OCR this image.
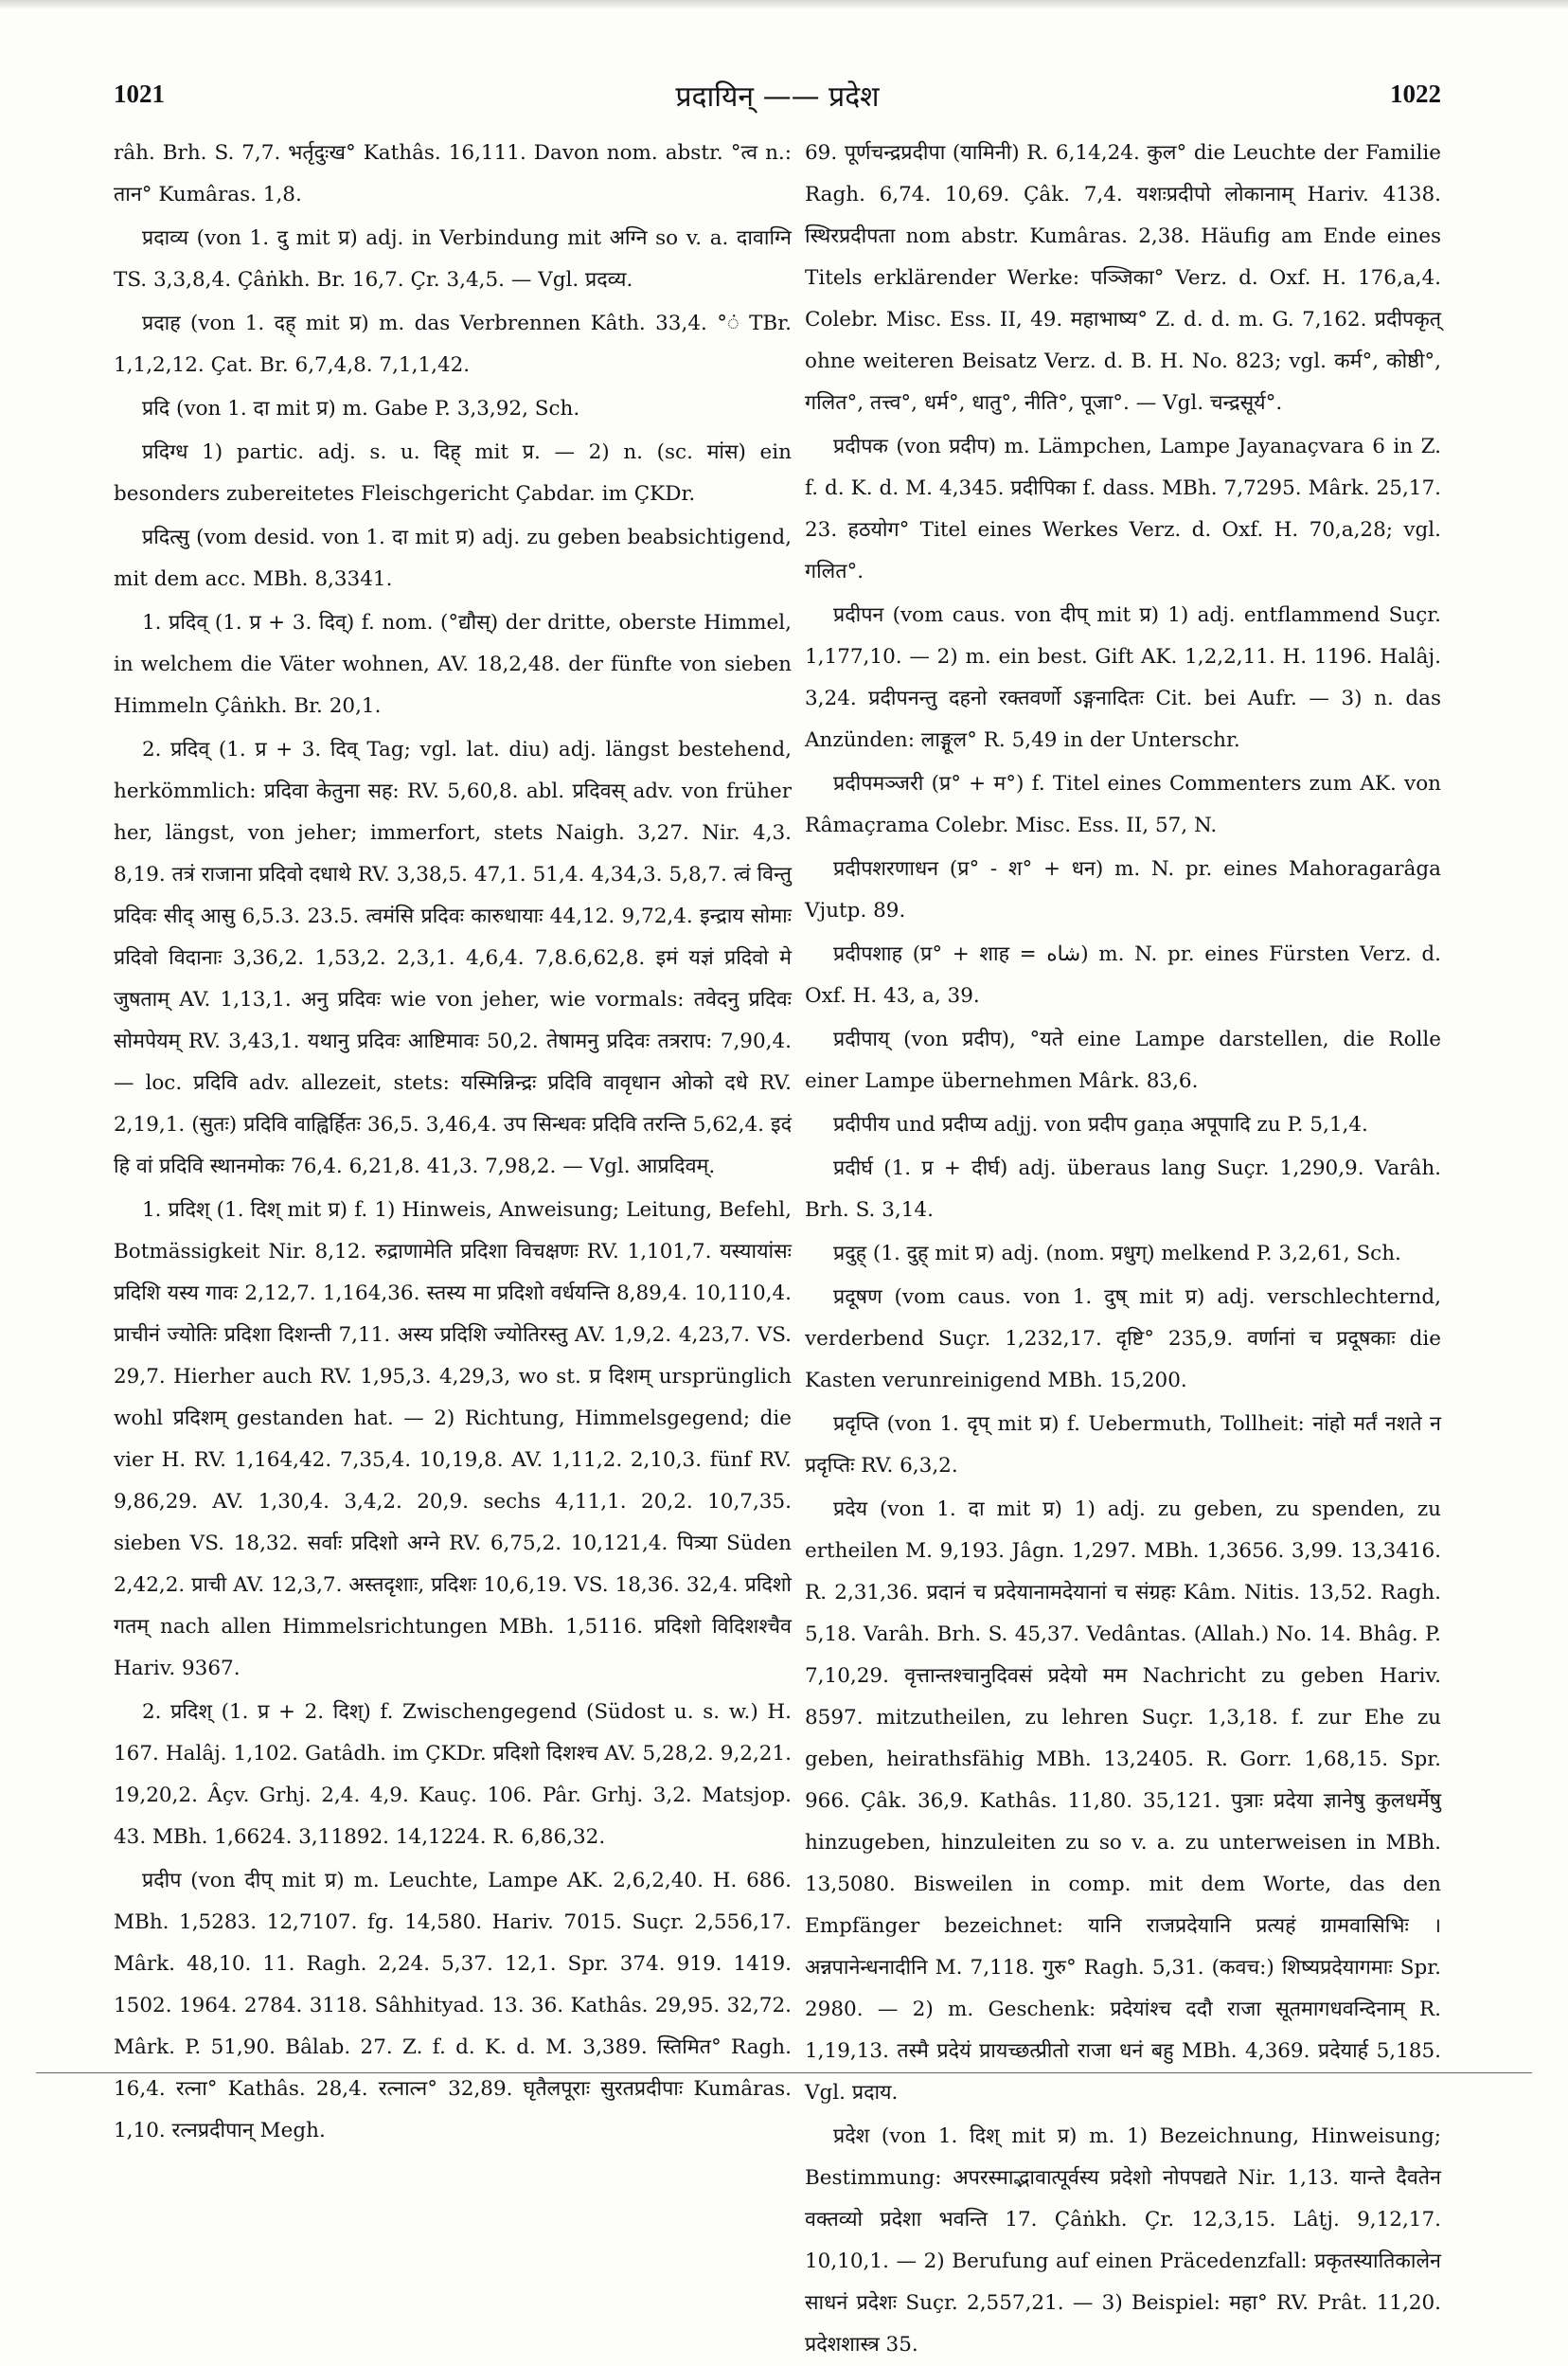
1021	प्रदायिन् —— प्रदेश	1022

râh. Brh. S. 7,7. भर्तृदुःख° Kathâs. 16,111. Davon nom. abstr. °त्व n.: तान° Kumâras. 1,8.

प्रदाव्य (von 1. दु mit प्र) adj. in Verbindung mit अग्नि so v. a. दावाग्नि TS. 3,3,8,4. Çâṅkh. Br. 16,7. Çr. 3,4,5. — Vgl. प्रदव्य.

प्रदाह (von 1. दह् mit प्र) m. das Verbrennen Kâth. 33,4. °ं TBr. 1,1,2,12. Çat. Br. 6,7,4,8. 7,1,1,42.

प्रदि (von 1. दा mit प्र) m. Gabe P. 3,3,92, Sch.

प्रदिग्ध 1) partic. adj. s. u. दिह् mit प्र. — 2) n. (sc. मांस) ein besonders zubereitetes Fleischgericht Çabdar. im ÇKDr.

प्रदित्सु (vom desid. von 1. दा mit प्र) adj. zu geben beabsichtigend, mit dem acc. MBh. 8,3341.

1. प्रदिव् (1. प्र + 3. दिव्) f. nom. (°द्यौस्) der dritte, oberste Himmel, in welchem die Väter wohnen, AV. 18,2,48. der fünfte von sieben Himmeln Çâṅkh. Br. 20,1.

2. प्रदिव् (1. प्र + 3. दिव् Tag; vgl. lat. diu) adj. längst bestehend, herkömmlich: प्रदिवा केतुना सह: RV. 5,60,8. abl. प्रदिवस् adv. von früher her, längst, von jeher; immerfort, stets Naigh. 3,27. Nir. 4,3. 8,19. तत्रं राजाना प्रदिवो दधाथे RV. 3,38,5. 47,1. 51,4. 4,34,3. 5,8,7. त्वं विन्तु प्रदिवः सीद् आसु 6,5.3. 23.5. त्वमंसि प्रदिवः कारुधायाः 44,12. 9,72,4. इन्द्राय सोमाः प्रदिवो विदानाः 3,36,2. 1,53,2. 2,3,1. 4,6,4. 7,8.6,62,8. इमं यज्ञं प्रदिवो मे जुषताम् AV. 1,13,1. अनु प्रदिवः wie von jeher, wie vormals: तवेदनु प्रदिवः सोमपेयम् RV. 3,43,1. यथानु प्रदिवः आष्टिमावः 50,2. तेषामनु प्रदिवः तत्रराप: 7,90,4. — loc. प्रदिवि adv. allezeit, stets: यस्मिन्निन्द्रः प्रदिवि वावृधान ओको दधे RV. 2,19,1. (सुतः) प्रदिवि वाह्विर्हितः 36,5. 3,46,4. उप सिन्धवः प्रदिवि तरन्ति 5,62,4. इदं हि वां प्रदिवि स्थानमोकः 76,4. 6,21,8. 41,3. 7,98,2. — Vgl. आप्रदिवम्.

1. प्रदिश् (1. दिश् mit प्र) f. 1) Hinweis, Anweisung; Leitung, Befehl, Botmässigkeit Nir. 8,12. रुद्राणामेति प्रदिशा विचक्षणः RV. 1,101,7. यस्यायांसः प्रदिशि यस्य गावः 2,12,7. 1,164,36. स्तस्य मा प्रदिशो वर्धयन्ति 8,89,4. 10,110,4. प्राचीनं ज्योतिः प्रदिशा दिशन्ती 7,11. अस्य प्रदिशि ज्योतिरस्तु AV. 1,9,2. 4,23,7. VS. 29,7. Hierher auch RV. 1,95,3. 4,29,3, wo st. प्र दिशम् ursprünglich wohl प्रदिशम् gestanden hat. — 2) Richtung, Himmelsgegend; die vier H. RV. 1,164,42. 7,35,4. 10,19,8. AV. 1,11,2. 2,10,3. fünf RV. 9,86,29. AV. 1,30,4. 3,4,2. 20,9. sechs 4,11,1. 20,2. 10,7,35. sieben VS. 18,32. सर्वाः प्रदिशो अग्ने RV. 6,75,2. 10,121,4. पित्र्या Süden 2,42,2. प्राची AV. 12,3,7. अस्तदृशाः, प्रदिशः 10,6,19. VS. 18,36. 32,4. प्रदिशो गतम् nach allen Himmelsrichtungen MBh. 1,5116. प्रदिशो विदिशश्चैव Hariv. 9367.

2. प्रदिश् (1. प्र + 2. दिश्) f. Zwischengegend (Südost u. s. w.) H. 167. Halâj. 1,102. Gatâdh. im ÇKDr. प्रदिशो दिशश्च AV. 5,28,2. 9,2,21. 19,20,2. Âçv. Grhj. 2,4. 4,9. Kauç. 106. Pâr. Grhj. 3,2. Matsjop. 43. MBh. 1,6624. 3,11892. 14,1224. R. 6,86,32.

प्रदीप (von दीप् mit प्र) m. Leuchte, Lampe AK. 2,6,2,40. H. 686. MBh. 1,5283. 12,7107. fg. 14,580. Hariv. 7015. Suçr. 2,556,17. Mârk. 48,10. 11. Ragh. 2,24. 5,37. 12,1. Spr. 374. 919. 1419. 1502. 1964. 2784. 3118. Sâhhityad. 13. 36. Kathâs. 29,95. 32,72. Mârk. P. 51,90. Bâlab. 27. Z. f. d. K. d. M. 3,389. स्तिमित° Ragh. 16,4. रत्ना° Kathâs. 28,4. रत्नात्न° 32,89. घृतैलपूराः सुरतप्रदीपाः Kumâras. 1,10. रत्नप्रदीपान् Megh.

69. पूर्णचन्द्रप्रदीपा (यामिनी) R. 6,14,24. कुल° die Leuchte der Familie Ragh. 6,74. 10,69. Çâk. 7,4. यशःप्रदीपो लोकानाम् Hariv. 4138. स्थिरप्रदीपता nom abstr. Kumâras. 2,38. Häufig am Ende eines Titels erklärender Werke: पञ्जिका° Verz. d. Oxf. H. 176,a,4. Colebr. Misc. Ess. II, 49. महाभाष्य° Z. d. d. m. G. 7,162. प्रदीपकृत् ohne weiteren Beisatz Verz. d. B. H. No. 823; vgl. कर्म°, कोष्ठी°, गलित°, तत्त्व°, धर्म°, धातु°, नीति°, पूजा°. — Vgl. चन्द्रसूर्य°.

प्रदीपक (von प्रदीप) m. Lämpchen, Lampe Jayanaçvara 6 in Z. f. d. K. d. M. 4,345. प्रदीपिका f. dass. MBh. 7,7295. Mârk. 25,17. 23. हठयोग° Titel eines Werkes Verz. d. Oxf. H. 70,a,28; vgl. गलित°.

प्रदीपन (vom caus. von दीप् mit प्र) 1) adj. entflammend Suçr. 1,177,10. — 2) m. ein best. Gift AK. 1,2,2,11. H. 1196. Halâj. 3,24. प्रदीपनन्तु दहनो रक्तवर्णो ऽङ्गनादितः Cit. bei Aufr. — 3) n. das Anzünden: लाङ्गूल° R. 5,49 in der Unterschr.

प्रदीपमञ्जरी (प्र° + म°) f. Titel eines Commenters zum AK. von Râmaçrama Colebr. Misc. Ess. II, 57, N.

प्रदीपशरणाधन (प्र° - श° + धन) m. N. pr. eines Mahoragarâga Vjutp. 89.

प्रदीपशाह (प्र° + शाह = شاه) m. N. pr. eines Fürsten Verz. d. Oxf. H. 43, a, 39.

प्रदीपाय् (von प्रदीप), °यते eine Lampe darstellen, die Rolle einer Lampe übernehmen Mârk. 83,6.

प्रदीपीय und प्रदीप्य adjj. von प्रदीप gaṇa अपूपादि zu P. 5,1,4.

प्रदीर्घ (1. प्र + दीर्घ) adj. überaus lang Suçr. 1,290,9. Varâh. Brh. S. 3,14.

प्रदुह् (1. दुह् mit प्र) adj. (nom. प्रधुग्) melkend P. 3,2,61, Sch.

प्रदूषण (vom caus. von 1. दुष् mit प्र) adj. verschlechternd, verderbend Suçr. 1,232,17. दृष्टि° 235,9. वर्णानां च प्रदूषकाः die Kasten verunreinigend MBh. 15,200.

प्रदृप्ति (von 1. दृप् mit प्र) f. Uebermuth, Tollheit: नांहो मर्तं नशते न प्रदृप्तिः RV. 6,3,2.

प्रदेय (von 1. दा mit प्र) 1) adj. zu geben, zu spenden, zu ertheilen M. 9,193. Jâgn. 1,297. MBh. 1,3656. 3,99. 13,3416. R. 2,31,36. प्रदानं च प्रदेयानामदेयानां च संग्रहः Kâm. Nitis. 13,52. Ragh. 5,18. Varâh. Brh. S. 45,37. Vedântas. (Allah.) No. 14. Bhâg. P. 7,10,29. वृत्तान्तश्चानुदिवसं प्रदेयो मम Nachricht zu geben Hariv. 8597. mitzutheilen, zu lehren Suçr. 1,3,18. f. zur Ehe zu geben, heirathsfähig MBh. 13,2405. R. Gorr. 1,68,15. Spr. 966. Çâk. 36,9. Kathâs. 11,80. 35,121. पुत्राः प्रदेया ज्ञानेषु कुलधर्मेषु hinzugeben, hinzuleiten zu so v. a. zu unterweisen in MBh. 13,5080. Bisweilen in comp. mit dem Worte, das den Empfänger bezeichnet: यानि राजप्रदेयानि प्रत्यहं ग्रामवासिभिः । अन्नपानेन्धनादीनि M. 7,118. गुरु° Ragh. 5,31. (कवच:) शिष्यप्रदेयागमाः Spr. 2980. — 2) m. Geschenk: प्रदेयांश्च ददौ राजा सूतमागधवन्दिनाम् R. 1,19,13. तस्मै प्रदेयं प्रायच्छत्प्रीतो राजा धनं बहु MBh. 4,369. प्रदेयार्ह 5,185. Vgl. प्रदाय.

प्रदेश (von 1. दिश् mit प्र) m. 1) Bezeichnung, Hinweisung; Bestimmung: अपरस्माद्भावात्पूर्वस्य प्रदेशो नोपपद्यते Nir. 1,13. यान्ते दैवतेन वक्तव्यो प्रदेशा भवन्ति 17. Çâṅkh. Çr. 12,3,15. Lâṭj. 9,12,17. 10,10,1. — 2) Berufung auf einen Präcedenzfall: प्रकृतस्यातिकालेन साधनं प्रदेशः Suçr. 2,557,21. — 3) Beispiel: महा° RV. Prât. 11,20. प्रदेशशास्त्र 35.
